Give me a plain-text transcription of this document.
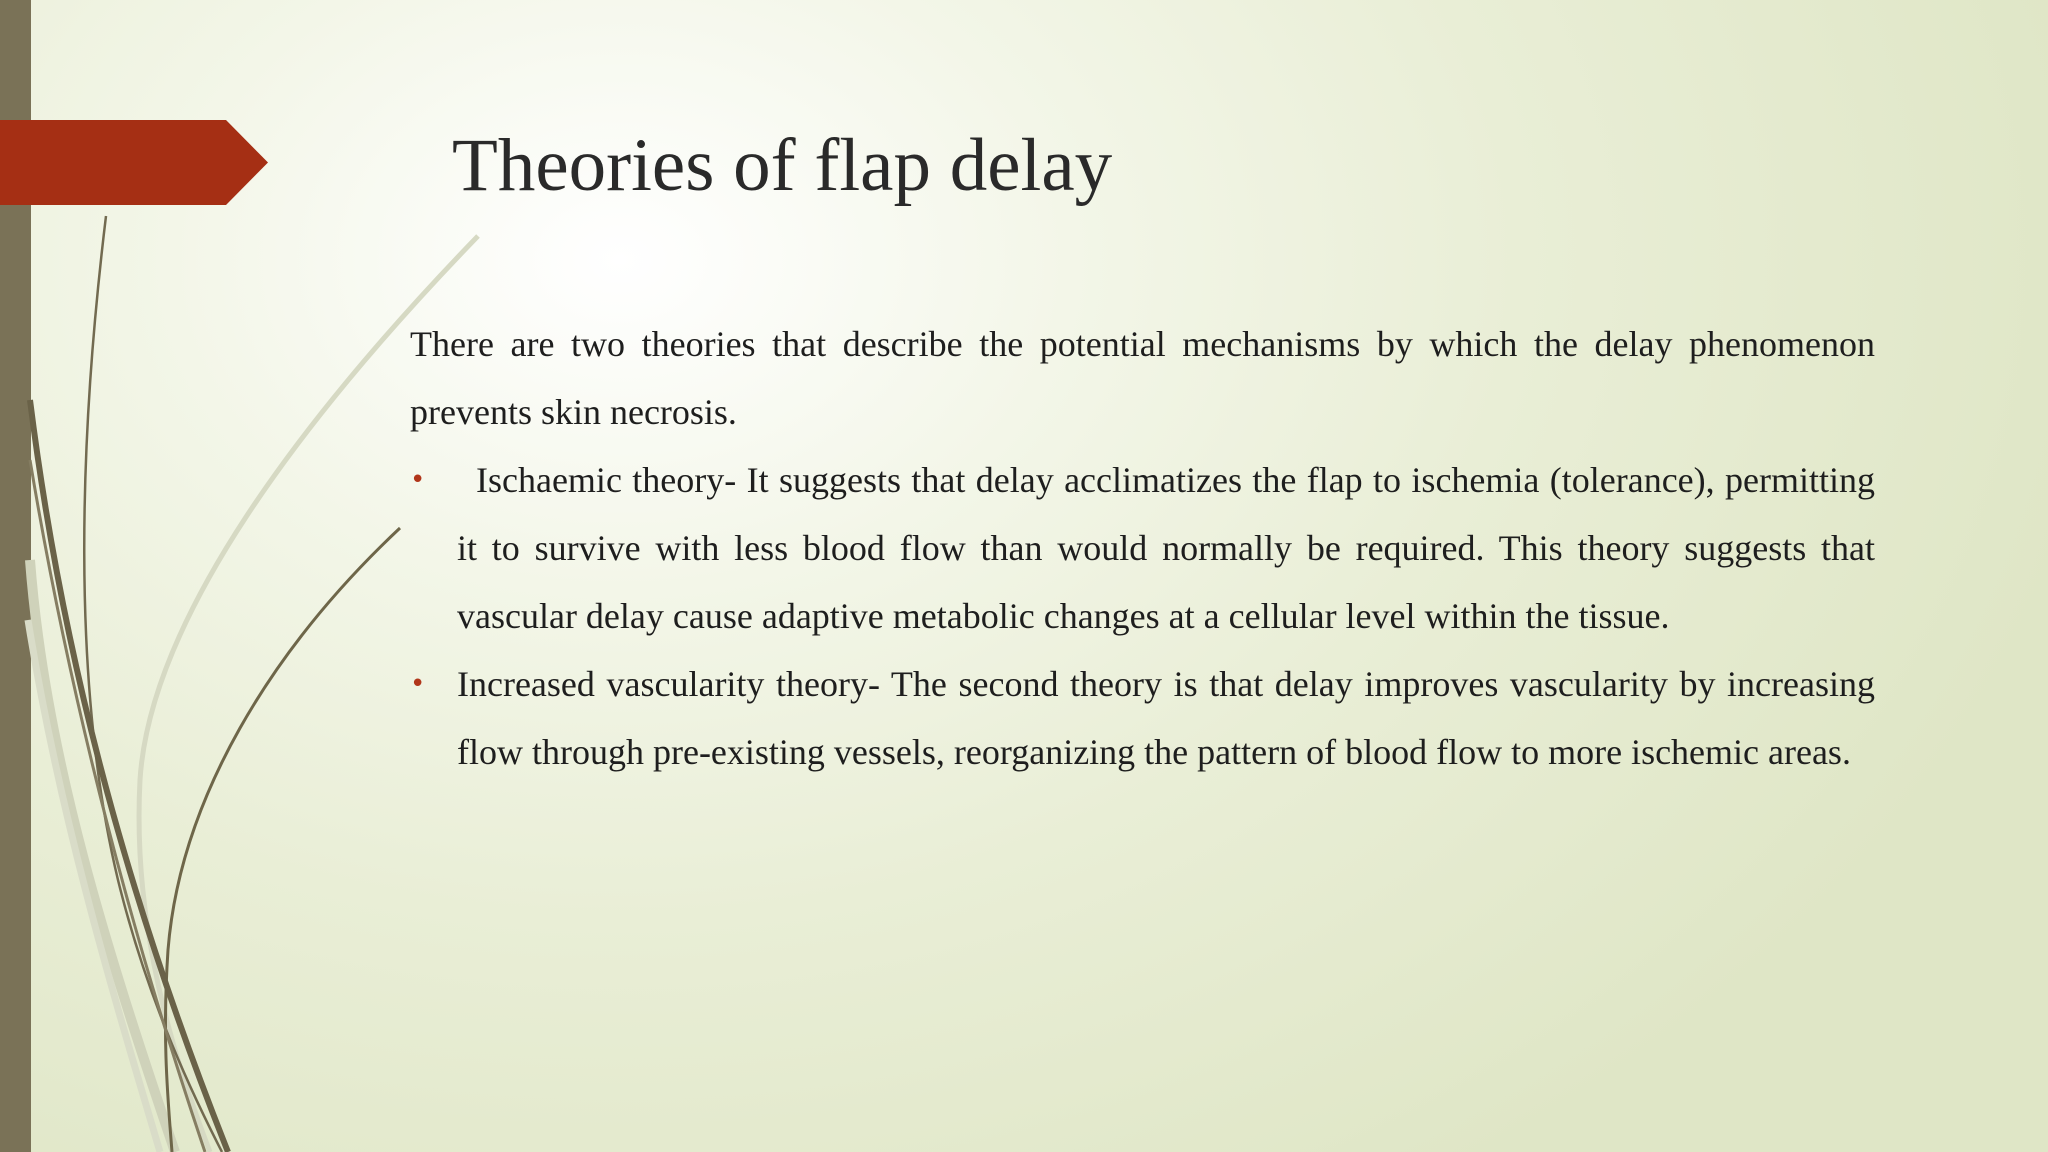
Theories of flap delay

There are two theories that describe the potential mechanisms by which the delay phenomenon prevents skin necrosis.

• Ischaemic theory- It suggests that delay acclimatizes the flap to ischemia (tolerance), permitting it to survive with less blood flow than would normally be required. This theory suggests that vascular delay cause adaptive metabolic changes at a cellular level within the tissue.
• Increased vascularity theory- The second theory is that delay improves vascularity by increasing flow through pre-existing vessels, reorganizing the pattern of blood flow to more ischemic areas.
